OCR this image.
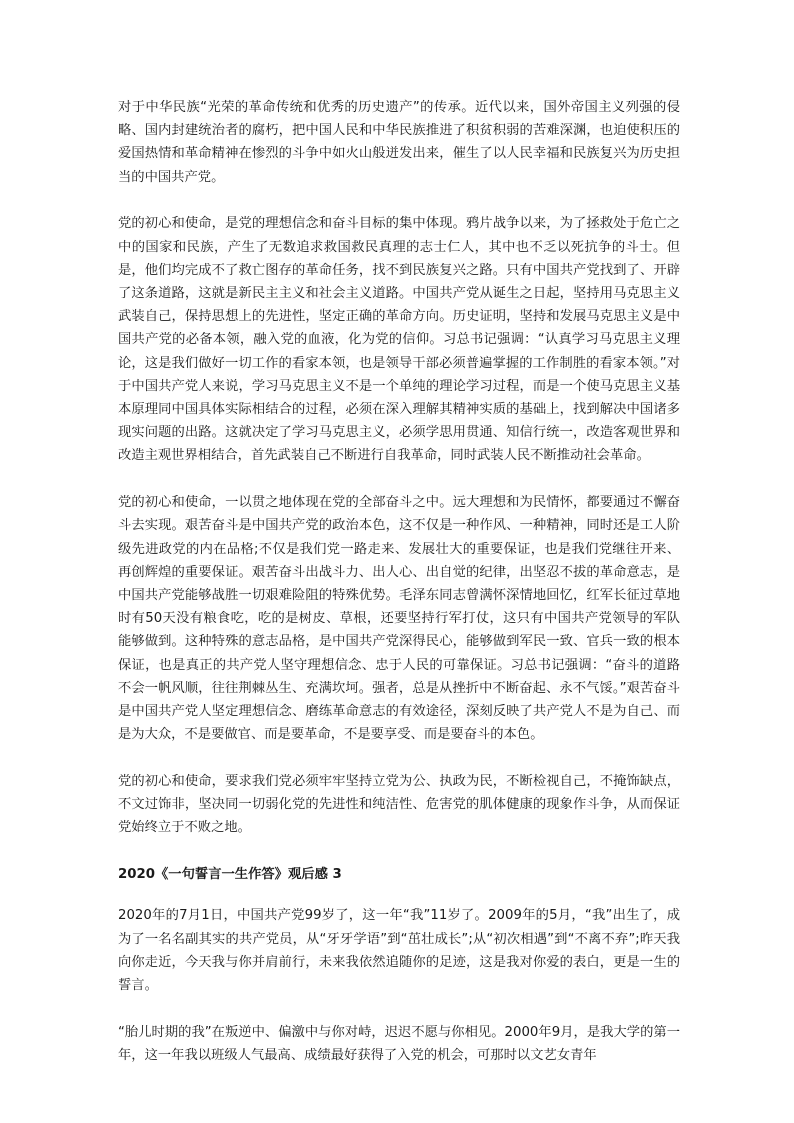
对于中华民族“光荣的革命传统和优秀的历史遗产”的传承。近代以来，国外帝国主义列强的侵略、国内封建统治者的腐朽，把中国人民和中华民族推进了积贫积弱的苦难深渊，也迫使积压的爱国热情和革命精神在惨烈的斗争中如火山般迸发出来，催生了以人民幸福和民族复兴为历史担当的中国共产党。

党的初心和使命，是党的理想信念和奋斗目标的集中体现。鸦片战争以来，为了拯救处于危亡之中的国家和民族，产生了无数追求救国救民真理的志士仁人，其中也不乏以死抗争的斗士。但是，他们均完成不了救亡图存的革命任务，找不到民族复兴之路。只有中国共产党找到了、开辟了这条道路，这就是新民主主义和社会主义道路。中国共产党从诞生之日起，坚持用马克思主义武装自己，保持思想上的先进性，坚定正确的革命方向。历史证明，坚持和发展马克思主义是中国共产党的必备本领，融入党的血液，化为党的信仰。习总书记强调：“认真学习马克思主义理论，这是我们做好一切工作的看家本领，也是领导干部必须普遍掌握的工作制胜的看家本领。”对于中国共产党人来说，学习马克思主义不是一个单纯的理论学习过程，而是一个使马克思主义基本原理同中国具体实际相结合的过程，必须在深入理解其精神实质的基础上，找到解决中国诸多现实问题的出路。这就决定了学习马克思主义，必须学思用贯通、知信行统一，改造客观世界和改造主观世界相结合，首先武装自己不断进行自我革命，同时武装人民不断推动社会革命。

党的初心和使命，一以贯之地体现在党的全部奋斗之中。远大理想和为民情怀，都要通过不懈奋斗去实现。艰苦奋斗是中国共产党的政治本色，这不仅是一种作风、一种精神，同时还是工人阶级先进政党的内在品格;不仅是我们党一路走来、发展壮大的重要保证，也是我们党继往开来、再创辉煌的重要保证。艰苦奋斗出战斗力、出人心、出自觉的纪律，出坚忍不拔的革命意志，是中国共产党能够战胜一切艰难险阻的特殊优势。毛泽东同志曾满怀深情地回忆，红军长征过草地时有50天没有粮食吃，吃的是树皮、草根，还要坚持行军打仗，这只有中国共产党领导的军队能够做到。这种特殊的意志品格，是中国共产党深得民心，能够做到军民一致、官兵一致的根本保证，也是真正的共产党人坚守理想信念、忠于人民的可靠保证。习总书记强调：“奋斗的道路不会一帆风顺，往往荆棘丛生、充满坎坷。强者，总是从挫折中不断奋起、永不气馁。”艰苦奋斗是中国共产党人坚定理想信念、磨练革命意志的有效途径，深刻反映了共产党人不是为自己、而是为大众，不是要做官、而是要革命，不是要享受、而是要奋斗的本色。

党的初心和使命，要求我们党必须牢牢坚持立党为公、执政为民，不断检视自己，不掩饰缺点，不文过饰非，坚决同一切弱化党的先进性和纯洁性、危害党的肌体健康的现象作斗争，从而保证党始终立于不败之地。

2020《一句誓言一生作答》观后感 3

2020年的7月1日，中国共产党99岁了，这一年“我”11岁了。2009年的5月，“我”出生了，成为了一名名副其实的共产党员，从“牙牙学语”到“茁壮成长”;从“初次相遇”到“不离不弃”;昨天我向你走近，今天我与你并肩前行，未来我依然追随你的足迹，这是我对你爱的表白，更是一生的誓言。

“胎儿时期的我”在叛逆中、偏激中与你对峙，迟迟不愿与你相见。2000年9月，是我大学的第一年，这一年我以班级人气最高、成绩最好获得了入党的机会，可那时以文艺女青年
